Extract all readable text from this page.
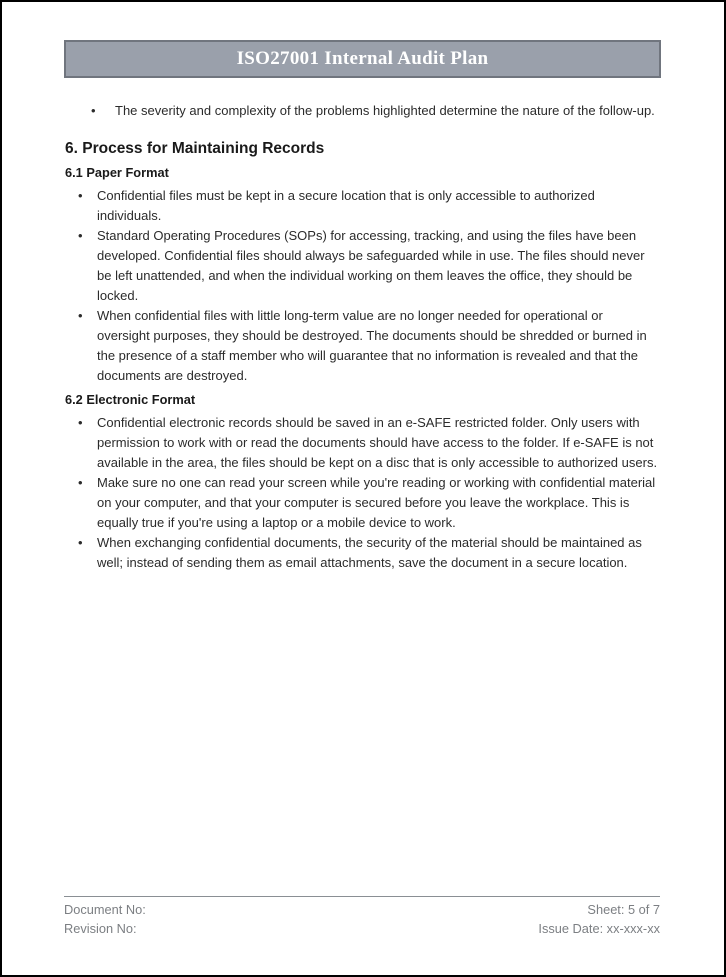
ISO27001 Internal Audit Plan
• The severity and complexity of the problems highlighted determine the nature of the follow-up.
6. Process for Maintaining Records
6.1 Paper Format
• Confidential files must be kept in a secure location that is only accessible to authorized individuals.
• Standard Operating Procedures (SOPs) for accessing, tracking, and using the files have been developed. Confidential files should always be safeguarded while in use. The files should never be left unattended, and when the individual working on them leaves the office, they should be locked.
• When confidential files with little long-term value are no longer needed for operational or oversight purposes, they should be destroyed. The documents should be shredded or burned in the presence of a staff member who will guarantee that no information is revealed and that the documents are destroyed.
6.2 Electronic Format
• Confidential electronic records should be saved in an e-SAFE restricted folder. Only users with permission to work with or read the documents should have access to the folder. If e-SAFE is not available in the area, the files should be kept on a disc that is only accessible to authorized users.
• Make sure no one can read your screen while you're reading or working with confidential material on your computer, and that your computer is secured before you leave the workplace. This is equally true if you're using a laptop or a mobile device to work.
• When exchanging confidential documents, the security of the material should be maintained as well; instead of sending them as email attachments, save the document in a secure location.
Document No:	Sheet: 5 of 7
Revision No:	Issue Date: xx-xxx-xx
